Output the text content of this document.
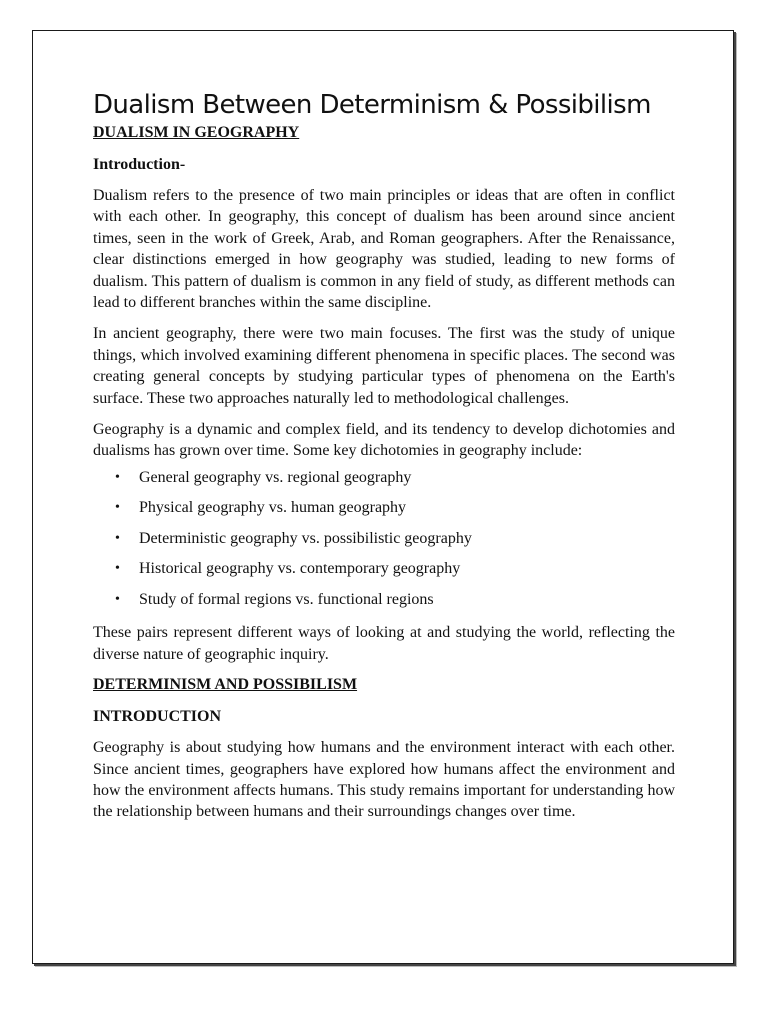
Dualism Between Determinism & Possibilism
DUALISM IN GEOGRAPHY
Introduction-

Dualism refers to the presence of two main principles or ideas that are often in conflict with each other. In geography, this concept of dualism has been around since ancient times, seen in the work of Greek, Arab, and Roman geographers. After the Renaissance, clear distinctions emerged in how geography was studied, leading to new forms of dualism. This pattern of dualism is common in any field of study, as different methods can lead to different branches within the same discipline.

In ancient geography, there were two main focuses. The first was the study of unique things, which involved examining different phenomena in specific places. The second was creating general concepts by studying particular types of phenomena on the Earth's surface. These two approaches naturally led to methodological challenges.

Geography is a dynamic and complex field, and its tendency to develop dichotomies and dualisms has grown over time. Some key dichotomies in geography include:

•	General geography vs. regional geography
•	Physical geography vs. human geography
•	Deterministic geography vs. possibilistic geography
•	Historical geography vs. contemporary geography
•	Study of formal regions vs. functional regions

These pairs represent different ways of looking at and studying the world, reflecting the diverse nature of geographic inquiry.

DETERMINISM AND POSSIBILISM
INTRODUCTION

Geography is about studying how humans and the environment interact with each other. Since ancient times, geographers have explored how humans affect the environment and how the environment affects humans. This study remains important for understanding how the relationship between humans and their surroundings changes over time.
